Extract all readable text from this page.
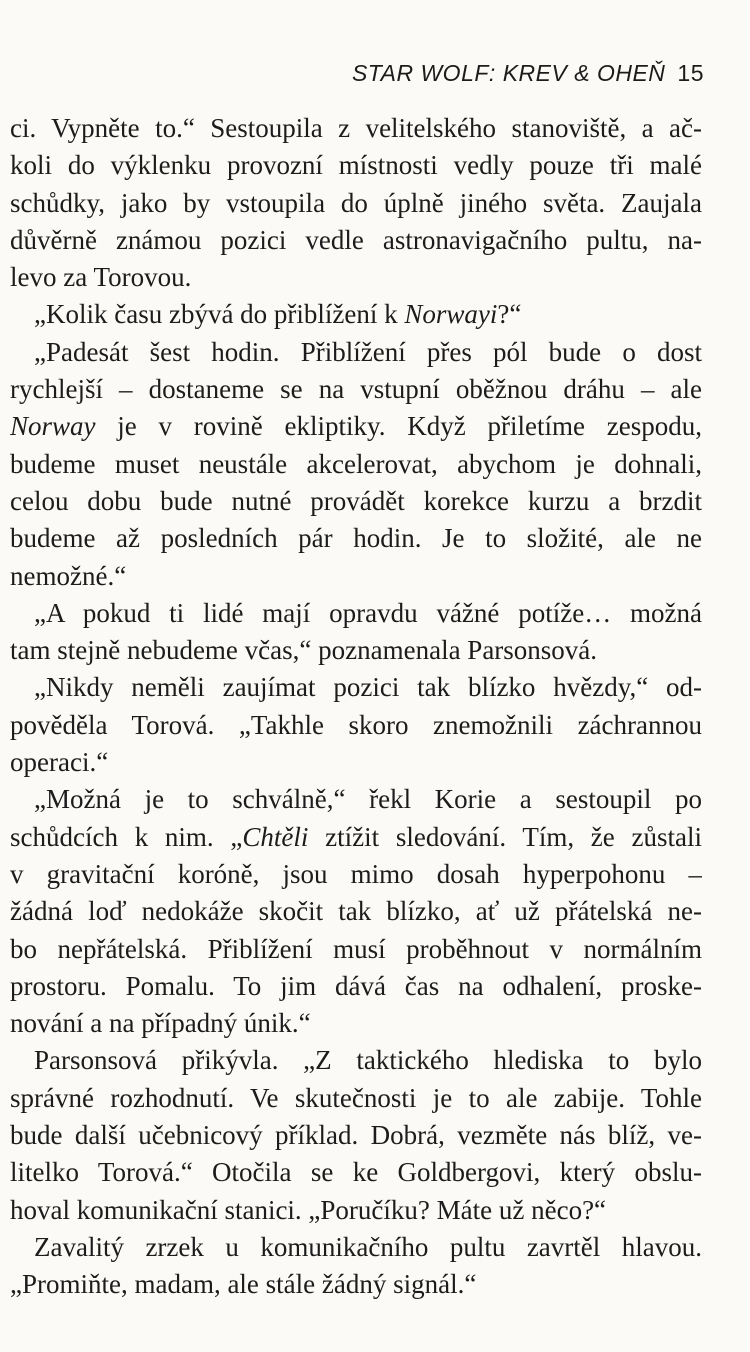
STAR WOLF: KREV & OHEŇ 15
ci. Vypněte to.“ Sestoupila z velitelského stanoviště, a ač-
koli do výklenku provozní místnosti vedly pouze tři malé
schůdky, jako by vstoupila do úplně jiného světa. Zaujala
důvěrně známou pozici vedle astronavigačního pultu, na-
levo za Torovou.
„Kolik času zbývá do přiblížení k Norwayi?“
„Padesát šest hodin. Přiblížení přes pól bude o dost
rychlejší – dostaneme se na vstupní oběžnou dráhu – ale
Norway je v rovině ekliptiky. Když přiletíme zespodu,
budeme muset neustále akcelerovat, abychom je dohnali,
celou dobu bude nutné provádět korekce kurzu a brzdit
budeme až posledních pár hodin. Je to složité, ale ne
nemožné.“
„A pokud ti lidé mají opravdu vážné potíže… možná
tam stejně nebudeme včas,“ poznamenala Parsonsová.
„Nikdy neměli zaujímat pozici tak blízko hvězdy,“ od-
pověděla Torová. „Takhle skoro znemožnili záchrannou
operaci.“
„Možná je to schválně,“ řekl Korie a sestoupil po
schůdcích k nim. „Chtěli ztížit sledování. Tím, že zůstali
v gravitační koróně, jsou mimo dosah hyperpohonu –
žádná loď nedokáže skočit tak blízko, ať už přátelská ne-
bo nepřátelská. Přiblížení musí proběhnout v normálním
prostoru. Pomalu. To jim dává čas na odhalení, proske-
nování a na případný únik.“
Parsonsová přikývla. „Z taktického hlediska to bylo
správné rozhodnutí. Ve skutečnosti je to ale zabije. Tohle
bude další učebnicový příklad. Dobrá, vezměte nás blíž, ve-
litelko Torová.“ Otočila se ke Goldbergovi, který obslu-
hoval komunikační stanici. „Poručíku? Máte už něco?“
Zavalitý zrzek u komunikačního pultu zavrtěl hlavou.
„Promiňte, madam, ale stále žádný signál.“
